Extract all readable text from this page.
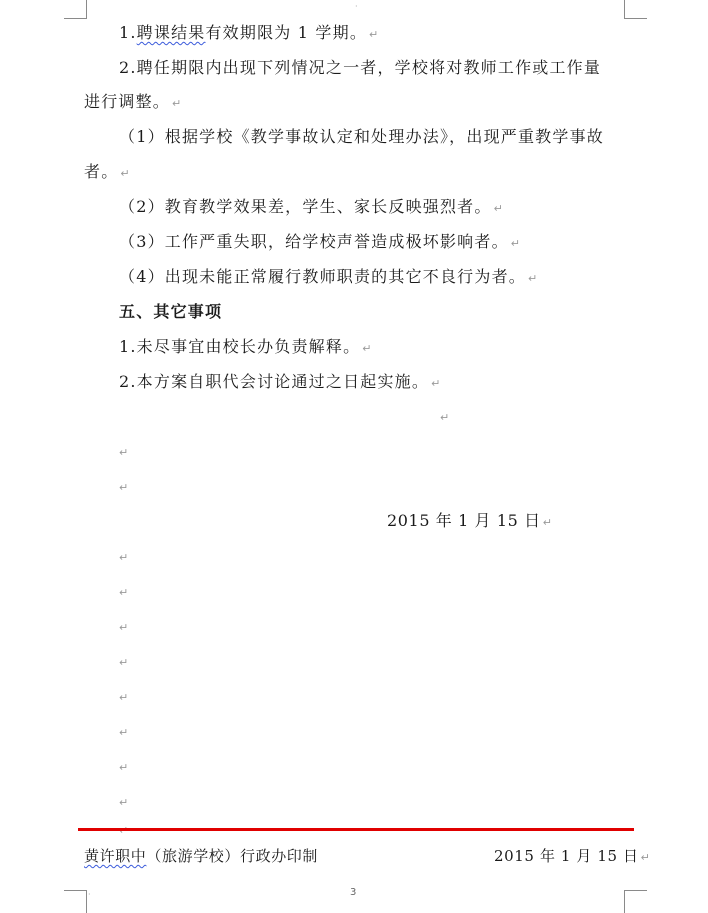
·
1.聘课结果有效期限为 1 学期。 ↵
2.聘任期限内出现下列情况之一者，学校将对教师工作或工作量
进行调整。 ↵
（1）根据学校《教学事故认定和处理办法》，出现严重教学事故
者。 ↵
（2）教育教学效果差，学生、家长反映强烈者。 ↵
（3）工作严重失职，给学校声誉造成极坏影响者。 ↵
（4）出现未能正常履行教师职责的其它不良行为者。 ↵
五、其它事项
1.未尽事宜由校长办负责解释。 ↵
2.本方案自职代会讨论通过之日起实施。 ↵
↵
↵
↵
2015 年 1 月 15 日 ↵
↵
↵
↵
↵
↵
↵
↵
↵
黄许职中（旅游学校）行政办印制	2015 年 1 月 15 日 ↵
·	3
